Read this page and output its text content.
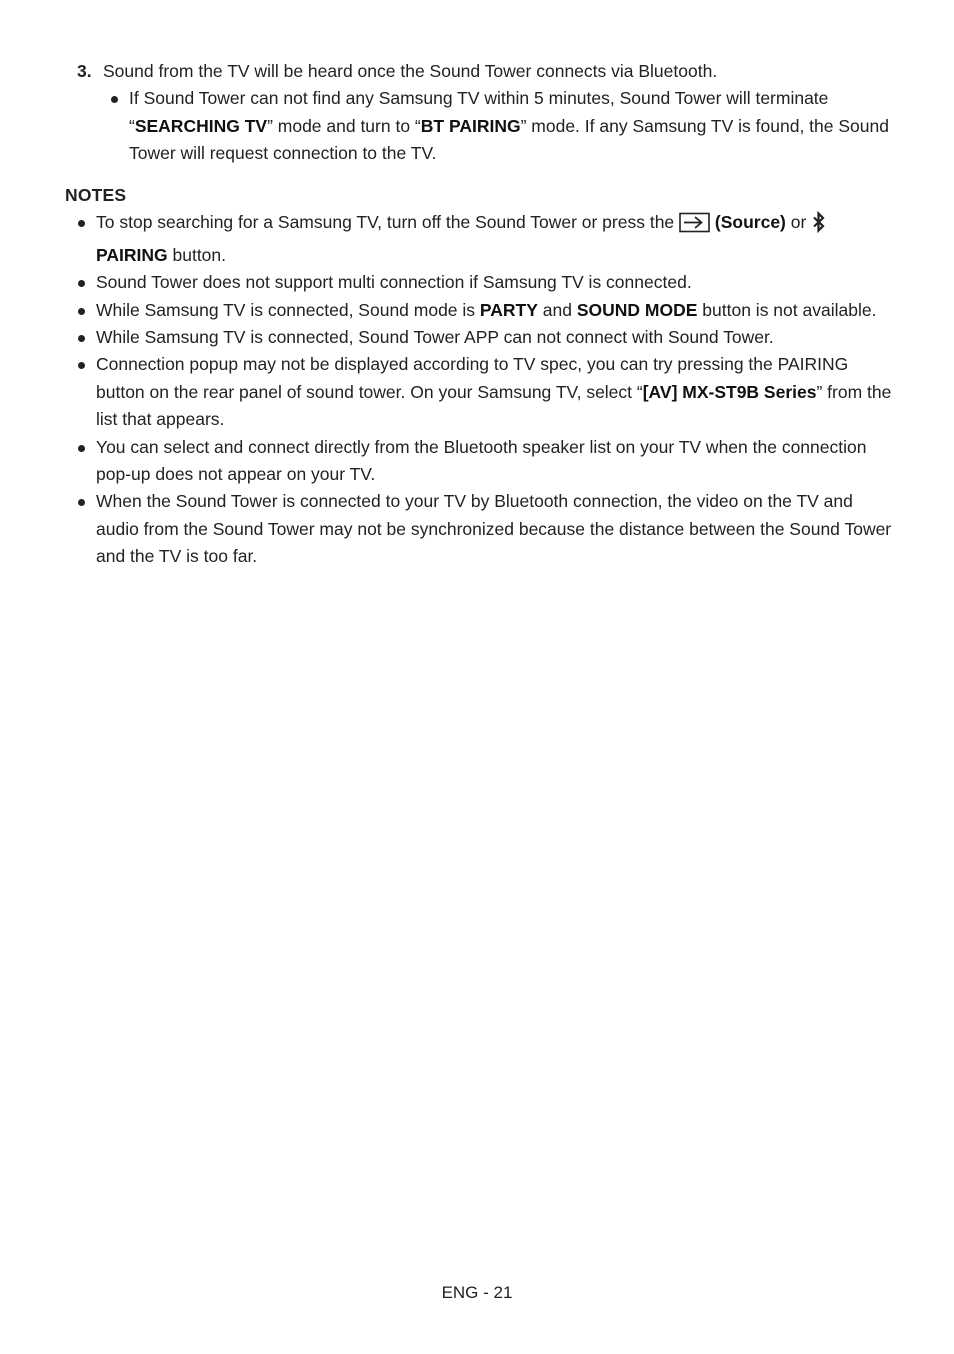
3. Sound from the TV will be heard once the Sound Tower connects via Bluetooth.
If Sound Tower can not find any Samsung TV within 5 minutes, Sound Tower will terminate “SEARCHING TV” mode and turn to “BT PAIRING” mode. If any Samsung TV is found, the Sound Tower will request connection to the TV.
NOTES
To stop searching for a Samsung TV, turn off the Sound Tower or press the  (Source) or PAIRING button.
Sound Tower does not support multi connection if Samsung TV is connected.
While Samsung TV is connected, Sound mode is PARTY and SOUND MODE button is not available.
While Samsung TV is connected, Sound Tower APP can not connect with Sound Tower.
Connection popup may not be displayed according to TV spec, you can try pressing the PAIRING button on the rear panel of sound tower. On your Samsung TV, select “[AV] MX-ST9B Series” from the list that appears.
You can select and connect directly from the Bluetooth speaker list on your TV when the connection pop-up does not appear on your TV.
When the Sound Tower is connected to your TV by Bluetooth connection, the video on the TV and audio from the Sound Tower may not be synchronized because the distance between the Sound Tower and the TV is too far.
ENG - 21
